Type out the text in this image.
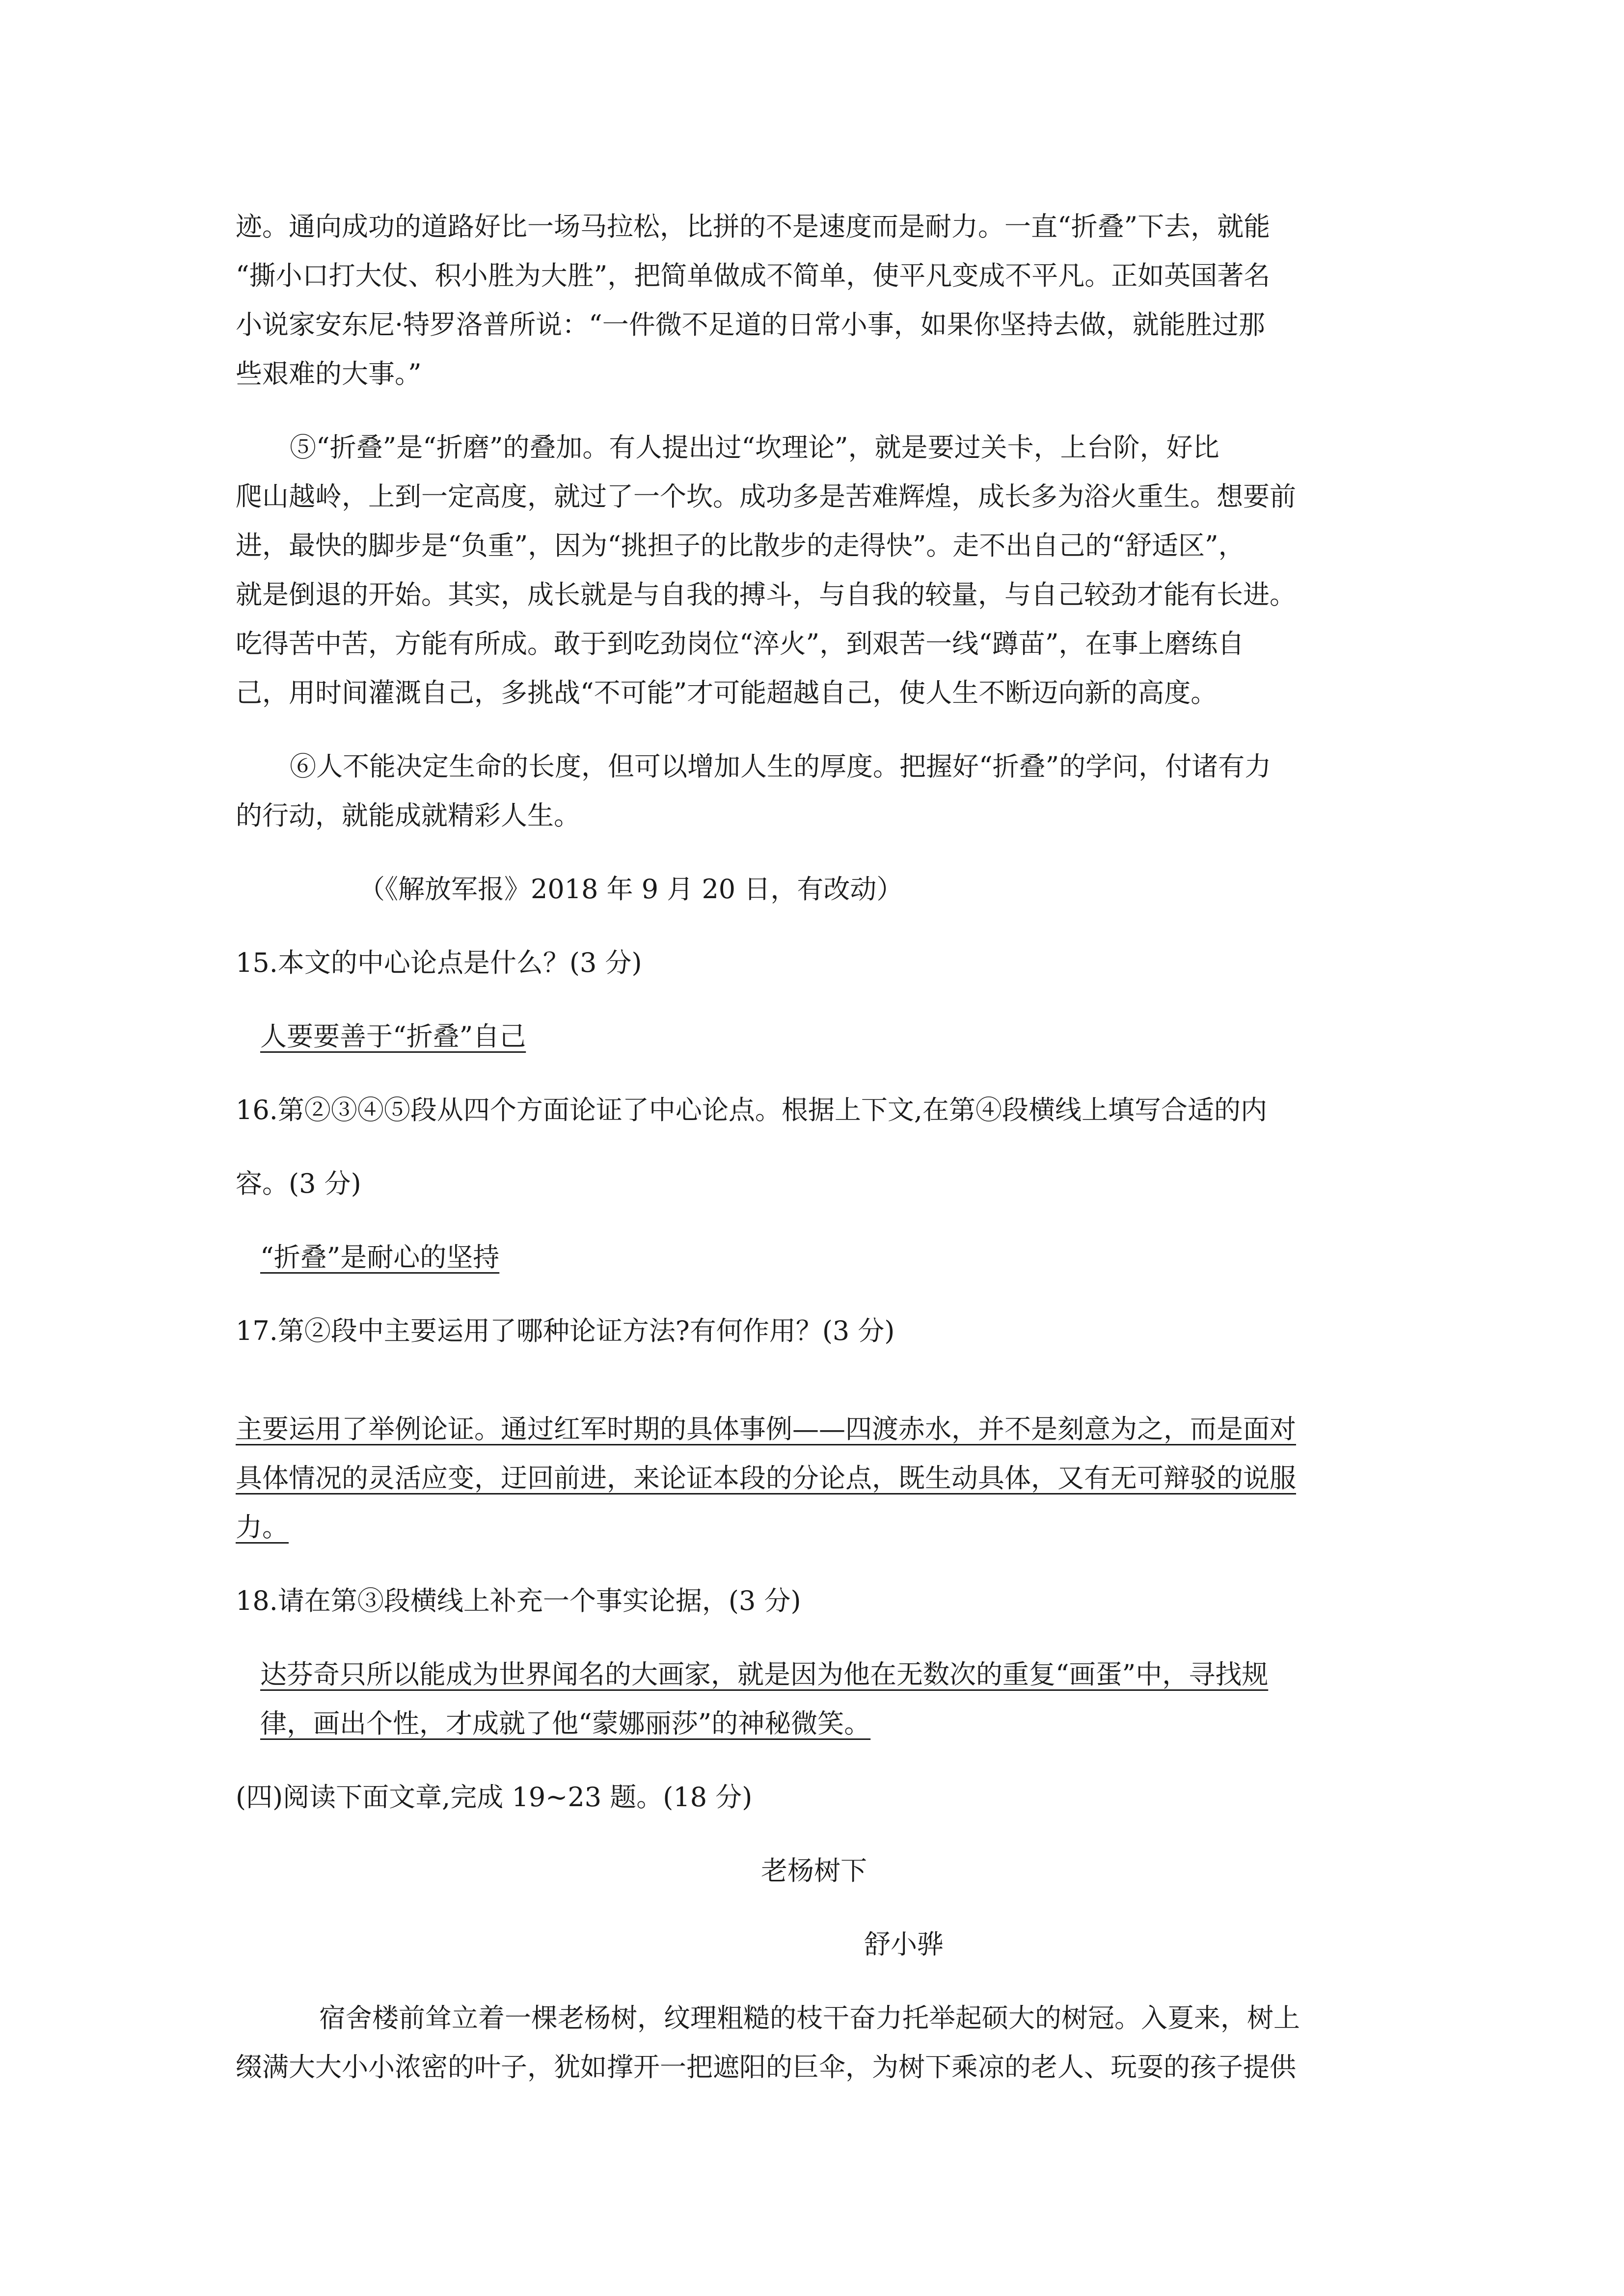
迹。通向成功的道路好比一场马拉松，比拼的不是速度而是耐力。一直“折叠”下去，就能

“撕小口打大仗、积小胜为大胜”，把简单做成不简单，使平凡变成不平凡。正如英国著名

小说家安东尼·特罗洛普所说：“一件微不足道的日常小事，如果你坚持去做，就能胜过那

些艰难的大事。”

⑤“折叠”是“折磨”的叠加。有人提出过“坎理论”，就是要过关卡，上台阶，好比

爬山越岭，上到一定高度，就过了一个坎。成功多是苦难辉煌，成长多为浴火重生。想要前

进，最快的脚步是“负重”，因为“挑担子的比散步的走得快”。走不出自己的“舒适区”，

就是倒退的开始。其实，成长就是与自我的搏斗，与自我的较量，与自己较劲才能有长进。

吃得苦中苦，方能有所成。敢于到吃劲岗位“淬火”，到艰苦一线“蹲苗”，在事上磨练自

己，用时间灌溉自己，多挑战“不可能”才可能超越自己，使人生不断迈向新的高度。

⑥人不能决定生命的长度，但可以增加人生的厚度。把握好“折叠”的学问，付诸有力

的行动，就能成就精彩人生。

（《解放军报》2018 年 9 月 20 日，有改动）

15.本文的中心论点是什么？(3 分)

人要要善于“折叠”自己

16.第②③④⑤段从四个方面论证了中心论点。根据上下文,在第④段横线上填写合适的内

容。(3 分)

“折叠”是耐心的坚持

17.第②段中主要运用了哪种论证方法?有何作用？(3 分)

主要运用了举例论证。通过红军时期的具体事例——四渡赤水，并不是刻意为之，而是面对

具体情况的灵活应变，迂回前进，来论证本段的分论点，既生动具体，又有无可辩驳的说服

力。

18.请在第③段横线上补充一个事实论据，(3 分)

达芬奇只所以能成为世界闻名的大画家，就是因为他在无数次的重复“画蛋”中，寻找规

律，画出个性，才成就了他“蒙娜丽莎”的神秘微笑。

(四)阅读下面文章,完成 19~23 题。(18 分)

老杨树下

舒小骅

宿舍楼前耸立着一棵老杨树，纹理粗糙的枝干奋力托举起硕大的树冠。入夏来，树上

缀满大大小小浓密的叶子，犹如撑开一把遮阳的巨伞，为树下乘凉的老人、玩耍的孩子提供
